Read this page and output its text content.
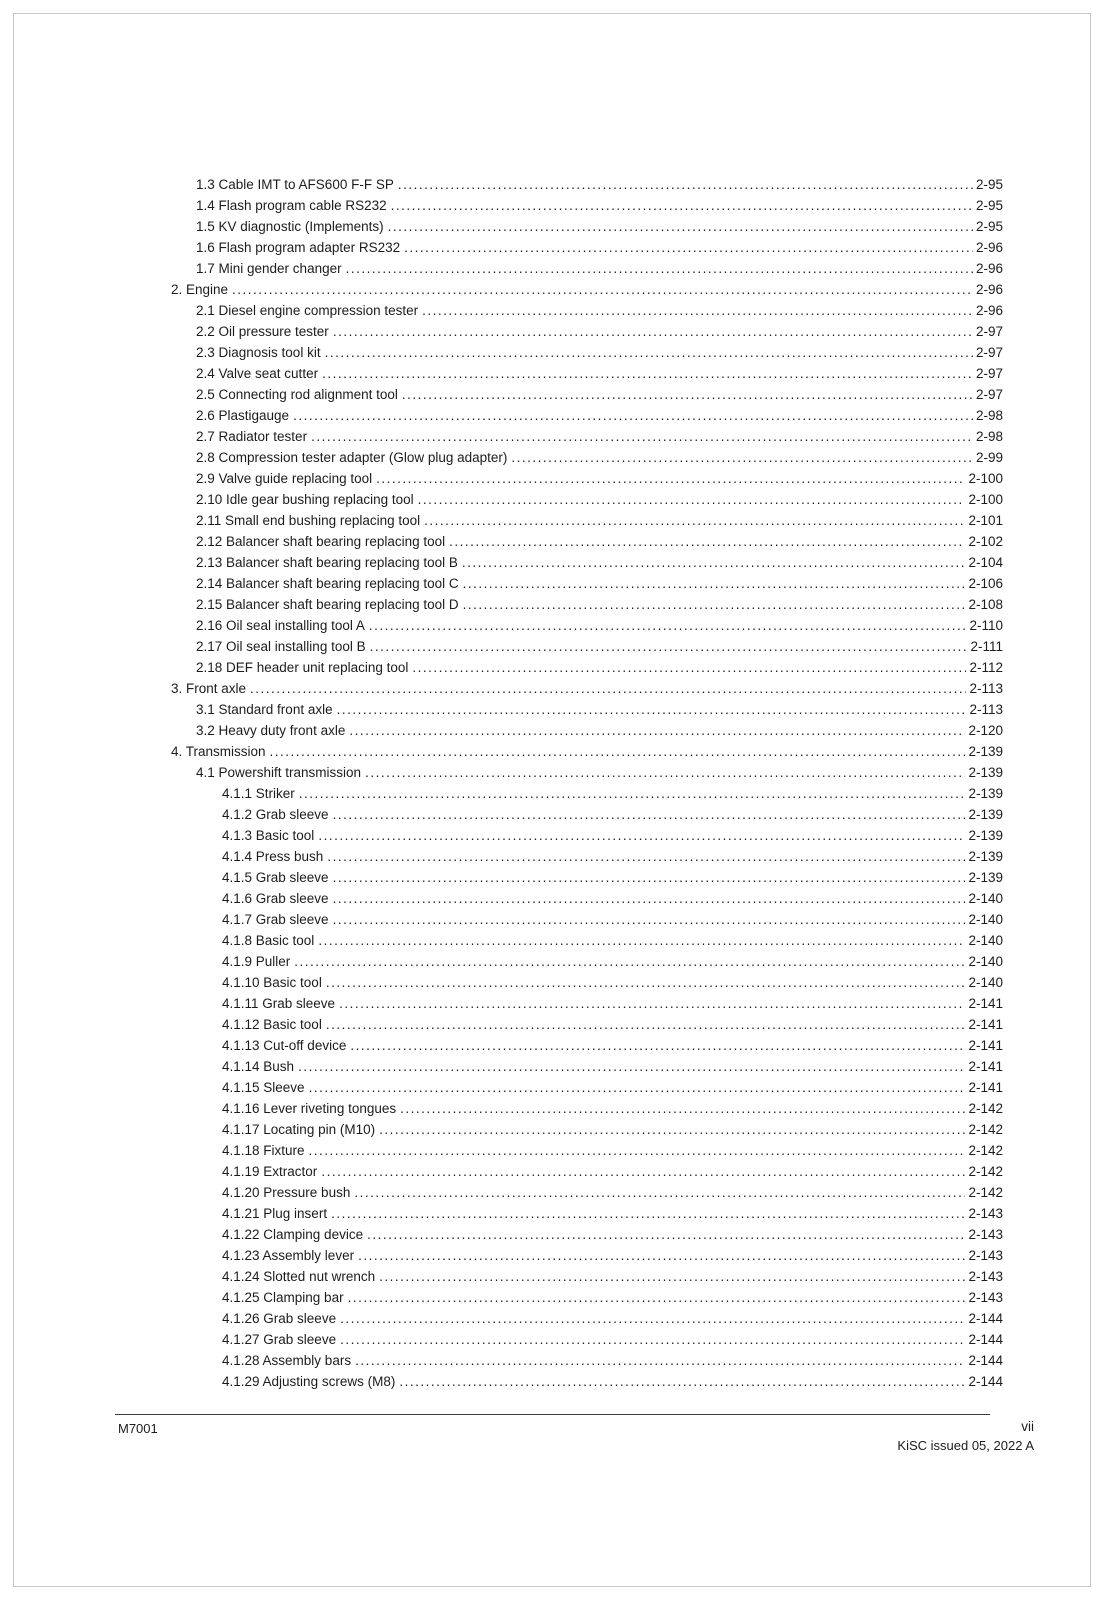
1.3 Cable IMT to AFS600 F-F SP .....	2-95
1.4 Flash program cable RS232 .....	2-95
1.5 KV diagnostic (Implements) .....	2-95
1.6 Flash program adapter RS232 .....	2-96
1.7 Mini gender changer .....	2-96
2. Engine .....	2-96
2.1 Diesel engine compression tester .....	2-96
2.2 Oil pressure tester .....	2-97
2.3 Diagnosis tool kit .....	2-97
2.4 Valve seat cutter .....	2-97
2.5 Connecting rod alignment tool .....	2-97
2.6 Plastigauge .....	2-98
2.7 Radiator tester .....	2-98
2.8 Compression tester adapter (Glow plug adapter) .....	2-99
2.9 Valve guide replacing tool .....	2-100
2.10 Idle gear bushing replacing tool .....	2-100
2.11 Small end bushing replacing tool .....	2-101
2.12 Balancer shaft bearing replacing tool .....	2-102
2.13 Balancer shaft bearing replacing tool B .....	2-104
2.14 Balancer shaft bearing replacing tool C .....	2-106
2.15 Balancer shaft bearing replacing tool D .....	2-108
2.16 Oil seal installing tool A .....	2-110
2.17 Oil seal installing tool B .....	2-111
2.18 DEF header unit replacing tool .....	2-112
3. Front axle .....	2-113
3.1 Standard front axle .....	2-113
3.2 Heavy duty front axle .....	2-120
4. Transmission .....	2-139
4.1 Powershift transmission .....	2-139
4.1.1 Striker .....	2-139
4.1.2 Grab sleeve .....	2-139
4.1.3 Basic tool .....	2-139
4.1.4 Press bush .....	2-139
4.1.5 Grab sleeve .....	2-139
4.1.6 Grab sleeve .....	2-140
4.1.7 Grab sleeve .....	2-140
4.1.8 Basic tool .....	2-140
4.1.9 Puller .....	2-140
4.1.10 Basic tool .....	2-140
4.1.11 Grab sleeve .....	2-141
4.1.12 Basic tool .....	2-141
4.1.13 Cut-off device .....	2-141
4.1.14 Bush .....	2-141
4.1.15 Sleeve .....	2-141
4.1.16 Lever riveting tongues .....	2-142
4.1.17 Locating pin (M10) .....	2-142
4.1.18 Fixture .....	2-142
4.1.19 Extractor .....	2-142
4.1.20 Pressure bush .....	2-142
4.1.21 Plug insert .....	2-143
4.1.22 Clamping device .....	2-143
4.1.23 Assembly lever .....	2-143
4.1.24 Slotted nut wrench .....	2-143
4.1.25 Clamping bar .....	2-143
4.1.26 Grab sleeve .....	2-144
4.1.27 Grab sleeve .....	2-144
4.1.28 Assembly bars .....	2-144
4.1.29 Adjusting screws (M8) .....	2-144
M7001	vii
KiSC issued 05, 2022 A
